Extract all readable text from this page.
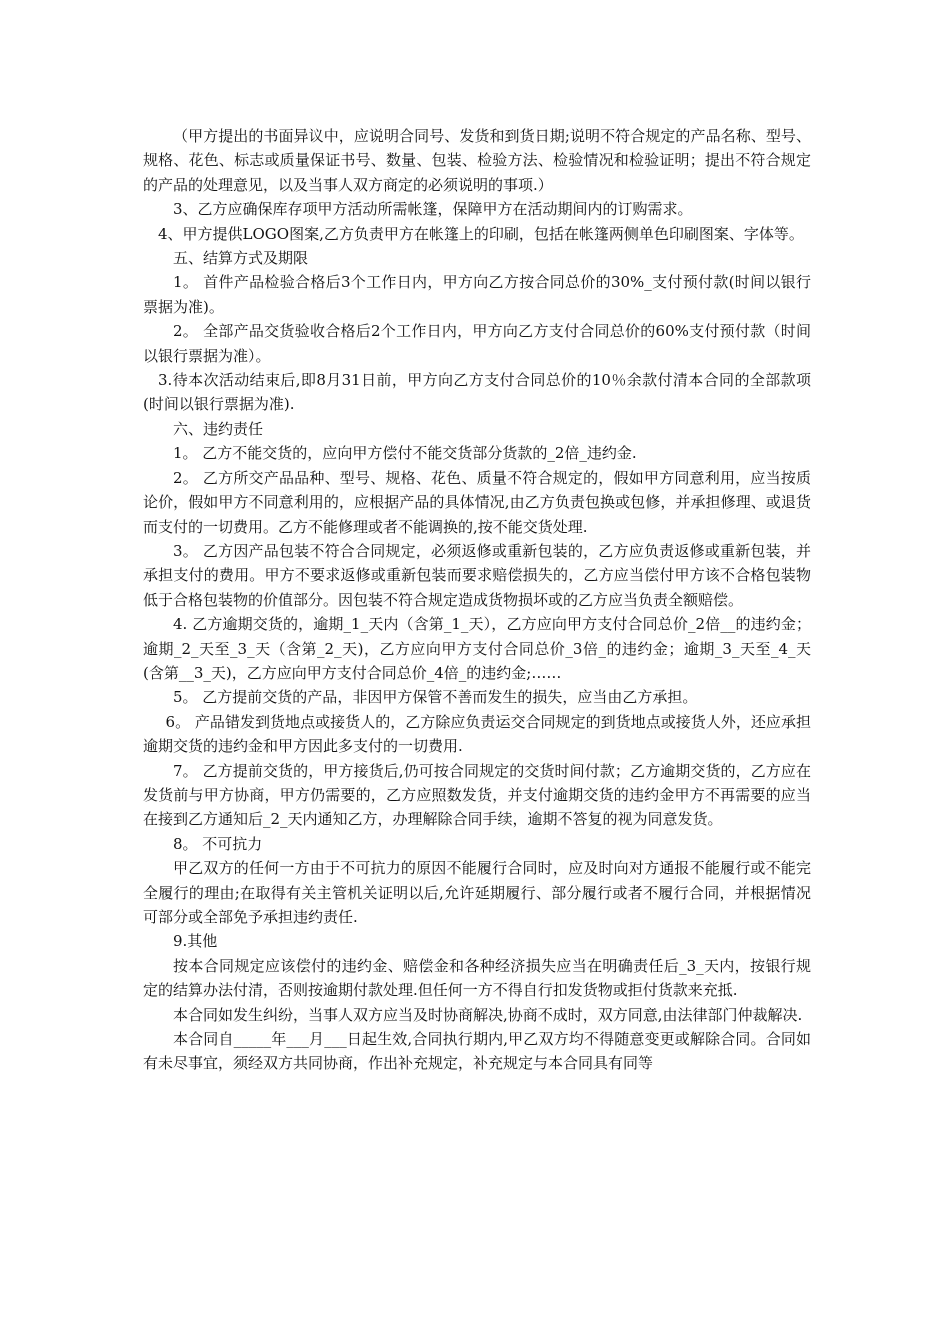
（甲方提出的书面异议中，应说明合同号、发货和到货日期;说明不符合规定的产品名称、型号、规格、花色、标志或质量保证书号、数量、包装、检验方法、检验情况和检验证明；提出不符合规定的产品的处理意见，以及当事人双方商定的必须说明的事项.）

3、乙方应确保库存项甲方活动所需帐篷，保障甲方在活动期间内的订购需求。

4、甲方提供LOGO图案,乙方负责甲方在帐篷上的印刷，包括在帐篷两侧单色印刷图案、字体等。

五、结算方式及期限

1。 首件产品检验合格后3个工作日内，甲方向乙方按合同总价的30%_支付预付款(时间以银行票据为准)。

2。 全部产品交货验收合格后2个工作日内，甲方向乙方支付合同总价的60%支付预付款（时间以银行票据为准）。

3.待本次活动结束后,即8月31日前，甲方向乙方支付合同总价的10％余款付清本合同的全部款项(时间以银行票据为准).

六、违约责任

1。 乙方不能交货的，应向甲方偿付不能交货部分货款的_2倍_违约金.

2。 乙方所交产品品种、型号、规格、花色、质量不符合规定的，假如甲方同意利用，应当按质论价，假如甲方不同意利用的，应根据产品的具体情况,由乙方负责包换或包修，并承担修理、或退货而支付的一切费用。乙方不能修理或者不能调换的,按不能交货处理.

3。 乙方因产品包装不符合合同规定，必须返修或重新包装的，乙方应负责返修或重新包装，并承担支付的费用。甲方不要求返修或重新包装而要求赔偿损失的，乙方应当偿付甲方该不合格包装物低于合格包装物的价值部分。因包装不符合规定造成货物损坏或的乙方应当负责全额赔偿。

4. 乙方逾期交货的，逾期_1_天内（含第_1_天），乙方应向甲方支付合同总价_2倍__的违约金；逾期_2_天至_3_天（含第_2_天)，乙方应向甲方支付合同总价_3倍_的违约金；逾期_3_天至_4_天(含第__3_天)，乙方应向甲方支付合同总价_4倍_的违约金;……

5。 乙方提前交货的产品，非因甲方保管不善而发生的损失，应当由乙方承担。

6。 产品错发到货地点或接货人的，乙方除应负责运交合同规定的到货地点或接货人外，还应承担逾期交货的违约金和甲方因此多支付的一切费用.

7。 乙方提前交货的，甲方接货后,仍可按合同规定的交货时间付款；乙方逾期交货的，乙方应在发货前与甲方协商，甲方仍需要的，乙方应照数发货，并支付逾期交货的违约金甲方不再需要的应当在接到乙方通知后_2_天内通知乙方，办理解除合同手续，逾期不答复的视为同意发货。

8。 不可抗力

甲乙双方的任何一方由于不可抗力的原因不能履行合同时，应及时向对方通报不能履行或不能完全履行的理由;在取得有关主管机关证明以后,允许延期履行、部分履行或者不履行合同，并根据情况可部分或全部免予承担违约责任.

9.其他

按本合同规定应该偿付的违约金、赔偿金和各种经济损失应当在明确责任后_3_天内，按银行规定的结算办法付清，否则按逾期付款处理.但任何一方不得自行扣发货物或拒付货款来充抵.

本合同如发生纠纷，当事人双方应当及时协商解决,协商不成时，双方同意,由法律部门仲裁解决.

本合同自_____年___月___日起生效,合同执行期内,甲乙双方均不得随意变更或解除合同。合同如有未尽事宜，须经双方共同协商，作出补充规定，补充规定与本合同具有同等
